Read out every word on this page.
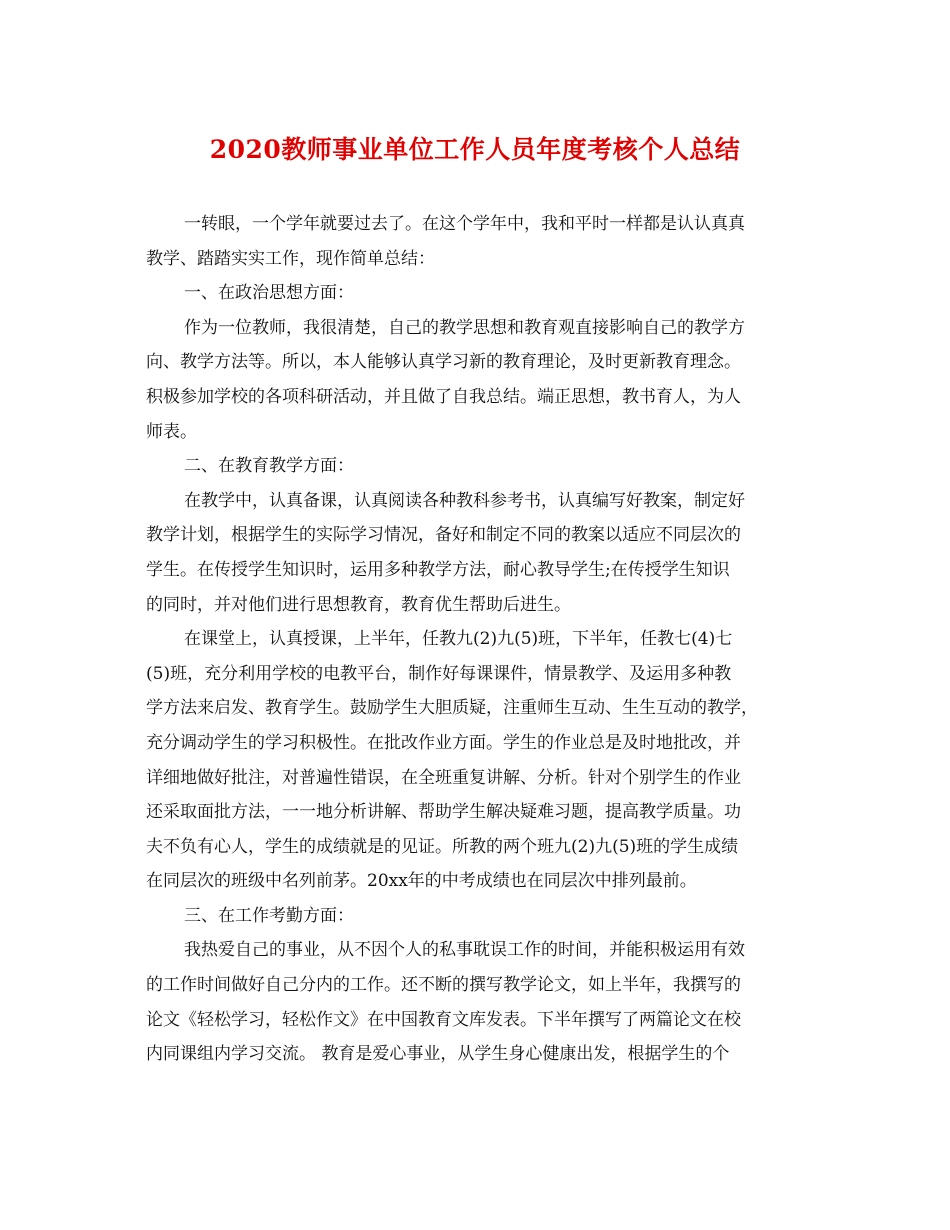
2020教师事业单位工作人员年度考核个人总结
一转眼，一个学年就要过去了。在这个学年中，我和平时一样都是认认真真
教学、踏踏实实工作，现作简单总结：
一、在政治思想方面：
作为一位教师，我很清楚，自己的教学思想和教育观直接影响自己的教学方
向、教学方法等。所以，本人能够认真学习新的教育理论，及时更新教育理念。
积极参加学校的各项科研活动，并且做了自我总结。端正思想，教书育人，为人
师表。
二、在教育教学方面：
在教学中，认真备课，认真阅读各种教科参考书，认真编写好教案，制定好
教学计划，根据学生的实际学习情况，备好和制定不同的教案以适应不同层次的
学生。在传授学生知识时，运用多种教学方法，耐心教导学生;在传授学生知识
的同时，并对他们进行思想教育，教育优生帮助后进生。
在课堂上，认真授课，上半年，任教九(2)九(5)班，下半年，任教七(4)七
(5)班，充分利用学校的电教平台，制作好每课课件，情景教学、及运用多种教
学方法来启发、教育学生。鼓励学生大胆质疑，注重师生互动、生生互动的教学，
充分调动学生的学习积极性。在批改作业方面。学生的作业总是及时地批改，并
详细地做好批注，对普遍性错误，在全班重复讲解、分析。针对个别学生的作业
还采取面批方法，一一地分析讲解、帮助学生解决疑难习题，提高教学质量。功
夫不负有心人，学生的成绩就是的见证。所教的两个班九(2)九(5)班的学生成绩
在同层次的班级中名列前茅。20xx年的中考成绩也在同层次中排列最前。
三、在工作考勤方面：
我热爱自己的事业，从不因个人的私事耽误工作的时间，并能积极运用有效
的工作时间做好自己分内的工作。还不断的撰写教学论文，如上半年，我撰写的
论文《轻松学习，轻松作文》在中国教育文库发表。下半年撰写了两篇论文在校
内同课组内学习交流。 教育是爱心事业，从学生身心健康出发，根据学生的个
